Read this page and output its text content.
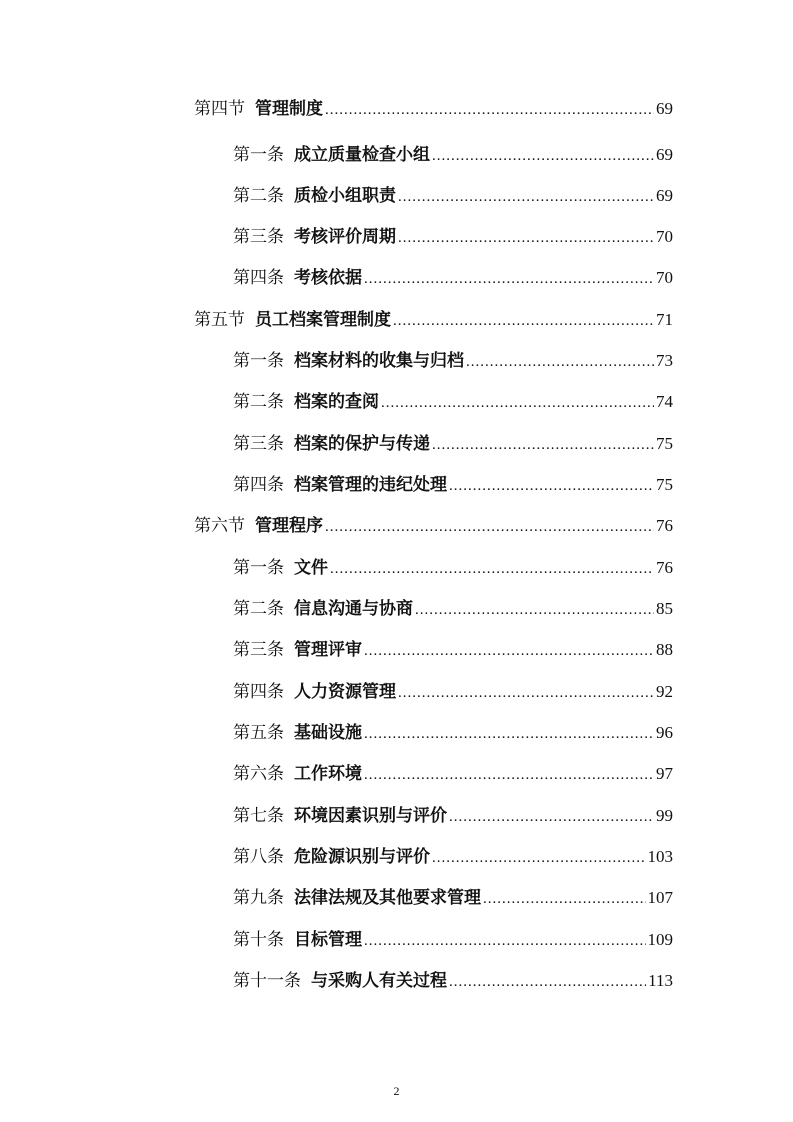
第四节 管理制度 .....	69
第一条 成立质量检查小组 .....	69
第二条 质检小组职责 .....	69
第三条 考核评价周期 .....	70
第四条 考核依据 .....	70
第五节 员工档案管理制度 .....	71
第一条 档案材料的收集与归档 .....	73
第二条 档案的查阅 .....	74
第三条 档案的保护与传递 .....	75
第四条 档案管理的违纪处理 .....	75
第六节 管理程序 .....	76
第一条 文件 .....	76
第二条 信息沟通与协商 .....	85
第三条 管理评审 .....	88
第四条 人力资源管理 .....	92
第五条 基础设施 .....	96
第六条 工作环境 .....	97
第七条 环境因素识别与评价 .....	99
第八条 危险源识别与评价 .....	103
第九条 法律法规及其他要求管理 .....	107
第十条 目标管理 .....	109
第十一条 与采购人有关过程 .....	113
2
